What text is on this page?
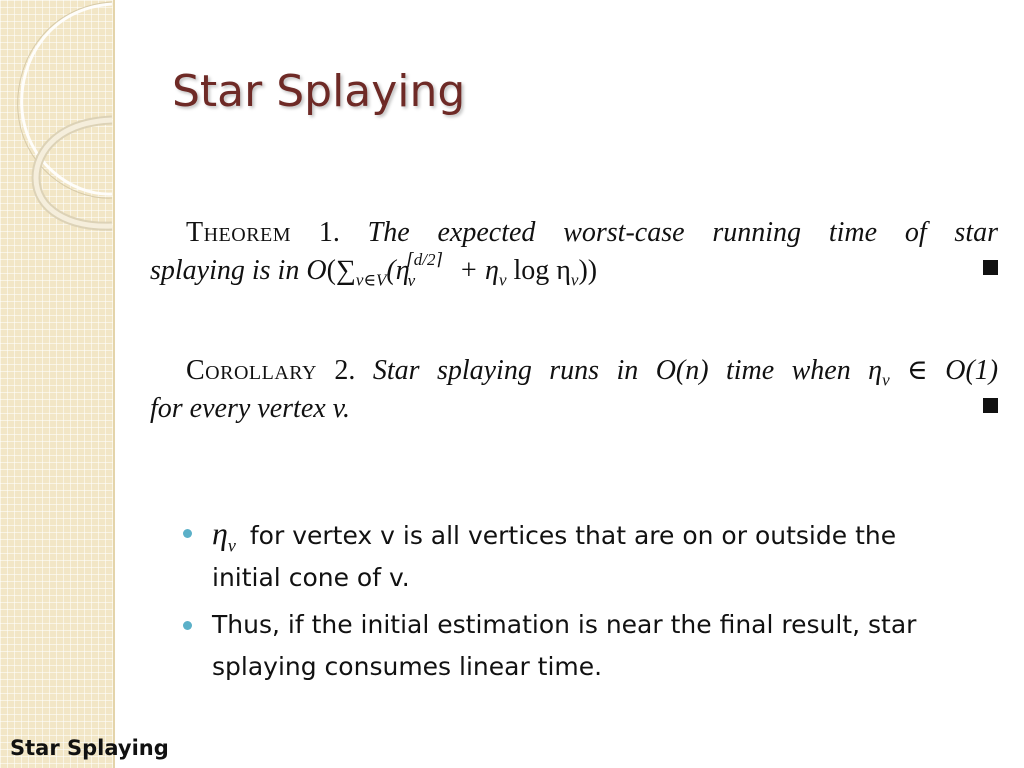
Star Splaying
Theorem 1. The expected worst-case running time of star
splaying is in $O(\sum_{v\in V}(\eta_v^{⌈d/2⌉} + \eta_v$ $\log \eta_v$))
Corollary 2. Star splaying runs in O(n) time when $\eta_v$ ∈ O(1)
for every vertex v.
$\eta_v$ for vertex v is all vertices that are on or outside the
initial cone of v.
Thus, if the initial estimation is near the final result, star
splaying consumes linear time.
Star Splaying
